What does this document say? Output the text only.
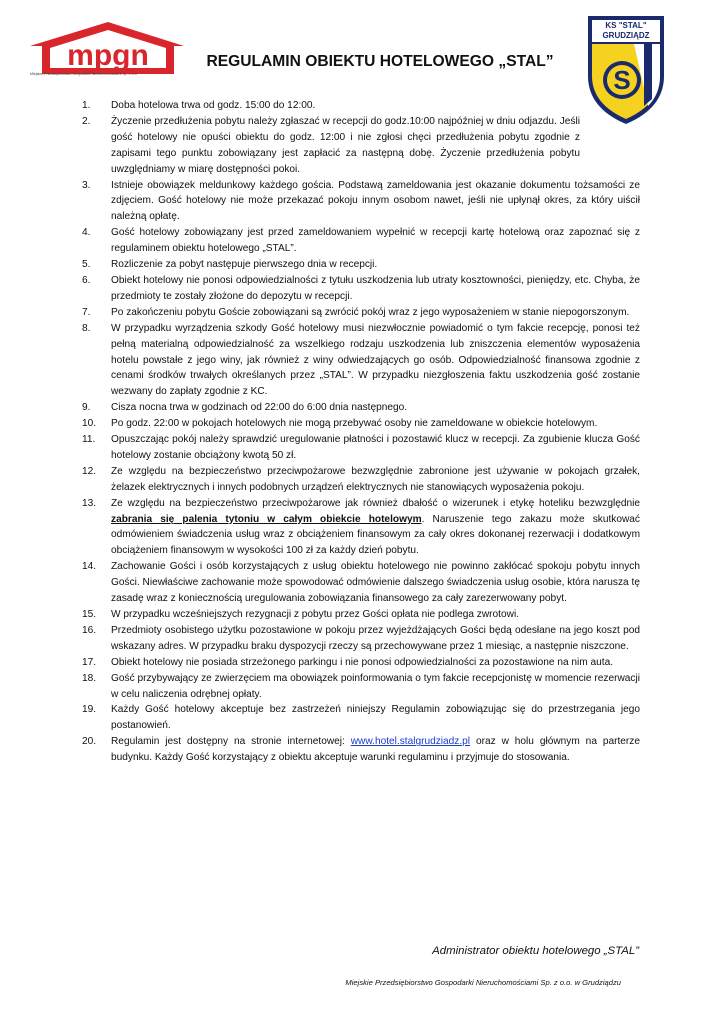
mpgn
Miejskie Przedsiębiorstwo Gospodarki Nieruchomościami Sp. z o.o.
REGULAMIN OBIEKTU HOTELOWEGO „STAL”
S
KS "STAL"
GRUDZIĄDZ
1.	Doba hotelowa trwa od godz. 15:00 do 12:00.
2.	Życzenie przedłużenia pobytu należy zgłaszać w recepcji do godz.10:00 najpóźniej w dniu odjazdu. Jeśli gość hotelowy nie opuści obiektu do godz. 12:00 i nie zgłosi chęci przedłużenia pobytu zgodnie z zapisami tego punktu zobowiązany jest zapłacić za następną dobę. Życzenie przedłużenia pobytu uwzględniamy w miarę dostępności pokoi.
3.	Istnieje obowiązek meldunkowy każdego gościa. Podstawą zameldowania jest okazanie dokumentu tożsamości ze zdjęciem. Gość hotelowy nie może przekazać pokoju innym osobom nawet, jeśli nie upłynął okres, za który uiścił należną opłatę.
4.	Gość hotelowy zobowiązany jest przed zameldowaniem wypełnić w recepcji kartę hotelową oraz zapoznać się z regulaminem obiektu hotelowego „STAL”.
5.	Rozliczenie za pobyt następuje pierwszego dnia w recepcji.
6.	Obiekt hotelowy nie ponosi odpowiedzialności z tytułu uszkodzenia lub utraty kosztowności, pieniędzy, etc. Chyba, że przedmioty te zostały złożone do depozytu w recepcji.
7.	Po zakończeniu pobytu Goście zobowiązani są zwrócić pokój wraz z jego wyposażeniem w stanie niepogorszonym.
8.	W przypadku wyrządzenia szkody Gość hotelowy musi niezwłocznie powiadomić o tym fakcie recepcję, ponosi też pełną materialną odpowiedzialność za wszelkiego rodzaju uszkodzenia lub zniszczenia elementów wyposażenia hotelu powstałe z jego winy, jak również z winy odwiedzających go osób. Odpowiedzialność finansowa zgodnie z cenami środków trwałych określanych przez „STAL”. W przypadku niezgłoszenia faktu uszkodzenia gość zostanie wezwany do zapłaty zgodnie z KC.
9.	Cisza nocna trwa w godzinach od 22:00 do 6:00 dnia następnego.
10.	Po godz. 22:00 w pokojach hotelowych nie mogą przebywać osoby nie zameldowane w obiekcie hotelowym.
11.	Opuszczając pokój należy sprawdzić uregulowanie płatności i pozostawić klucz w recepcji. Za zgubienie klucza Gość hotelowy zostanie obciążony kwotą 50 zł.
12.	Ze względu na bezpieczeństwo przeciwpożarowe bezwzględnie zabronione jest używanie w pokojach grzałek, żelazek elektrycznych i innych podobnych urządzeń elektrycznych nie stanowiących wyposażenia pokoju.
13.	Ze względu na bezpieczeństwo przeciwpożarowe jak również dbałość o wizerunek i etykę hoteliku bezwzględnie zabrania się palenia tytoniu w całym obiekcie hotelowym. Naruszenie tego zakazu może skutkować odmówieniem świadczenia usług wraz z obciążeniem finansowym za cały okres dokonanej rezerwacji i dodatkowym obciążeniem finansowym w wysokości 100 zł za każdy dzień pobytu.
14.	Zachowanie Gości i osób korzystających z usług obiektu hotelowego nie powinno zakłócać spokoju pobytu innych Gości. Niewłaściwe zachowanie może spowodować odmówienie dalszego świadczenia usług osobie, która narusza tę zasadę wraz z koniecznością uregulowania zobowiązania finansowego za cały zarezerwowany pobyt.
15.	W przypadku wcześniejszych rezygnacji z pobytu przez Gości opłata nie podlega zwrotowi.
16.	Przedmioty osobistego użytku pozostawione w pokoju przez wyjeżdżających Gości będą odesłane na jego koszt pod wskazany adres. W przypadku braku dyspozycji rzeczy są przechowywane przez 1 miesiąc, a następnie niszczone.
17.	Obiekt hotelowy nie posiada strzeżonego parkingu i nie ponosi odpowiedzialności za pozostawione na nim auta.
18.	Gość przybywający ze zwierzęciem ma obowiązek poinformowania o tym fakcie recepcjonistę w momencie rezerwacji w celu naliczenia odrębnej opłaty.
19.	Każdy Gość hotelowy akceptuje bez zastrzeżeń niniejszy Regulamin zobowiązując się do przestrzegania jego postanowień.
20.	Regulamin jest dostępny na stronie internetowej: www.hotel.stalgrudziadz.pl oraz w holu głównym na parterze budynku. Każdy Gość korzystający z obiektu akceptuje warunki regulaminu i przyjmuje do stosowania.
Administrator obiektu hotelowego „STAL”
Miejskie Przedsiębiorstwo Gospodarki Nieruchomościami Sp. z o.o. w Grudziądzu
